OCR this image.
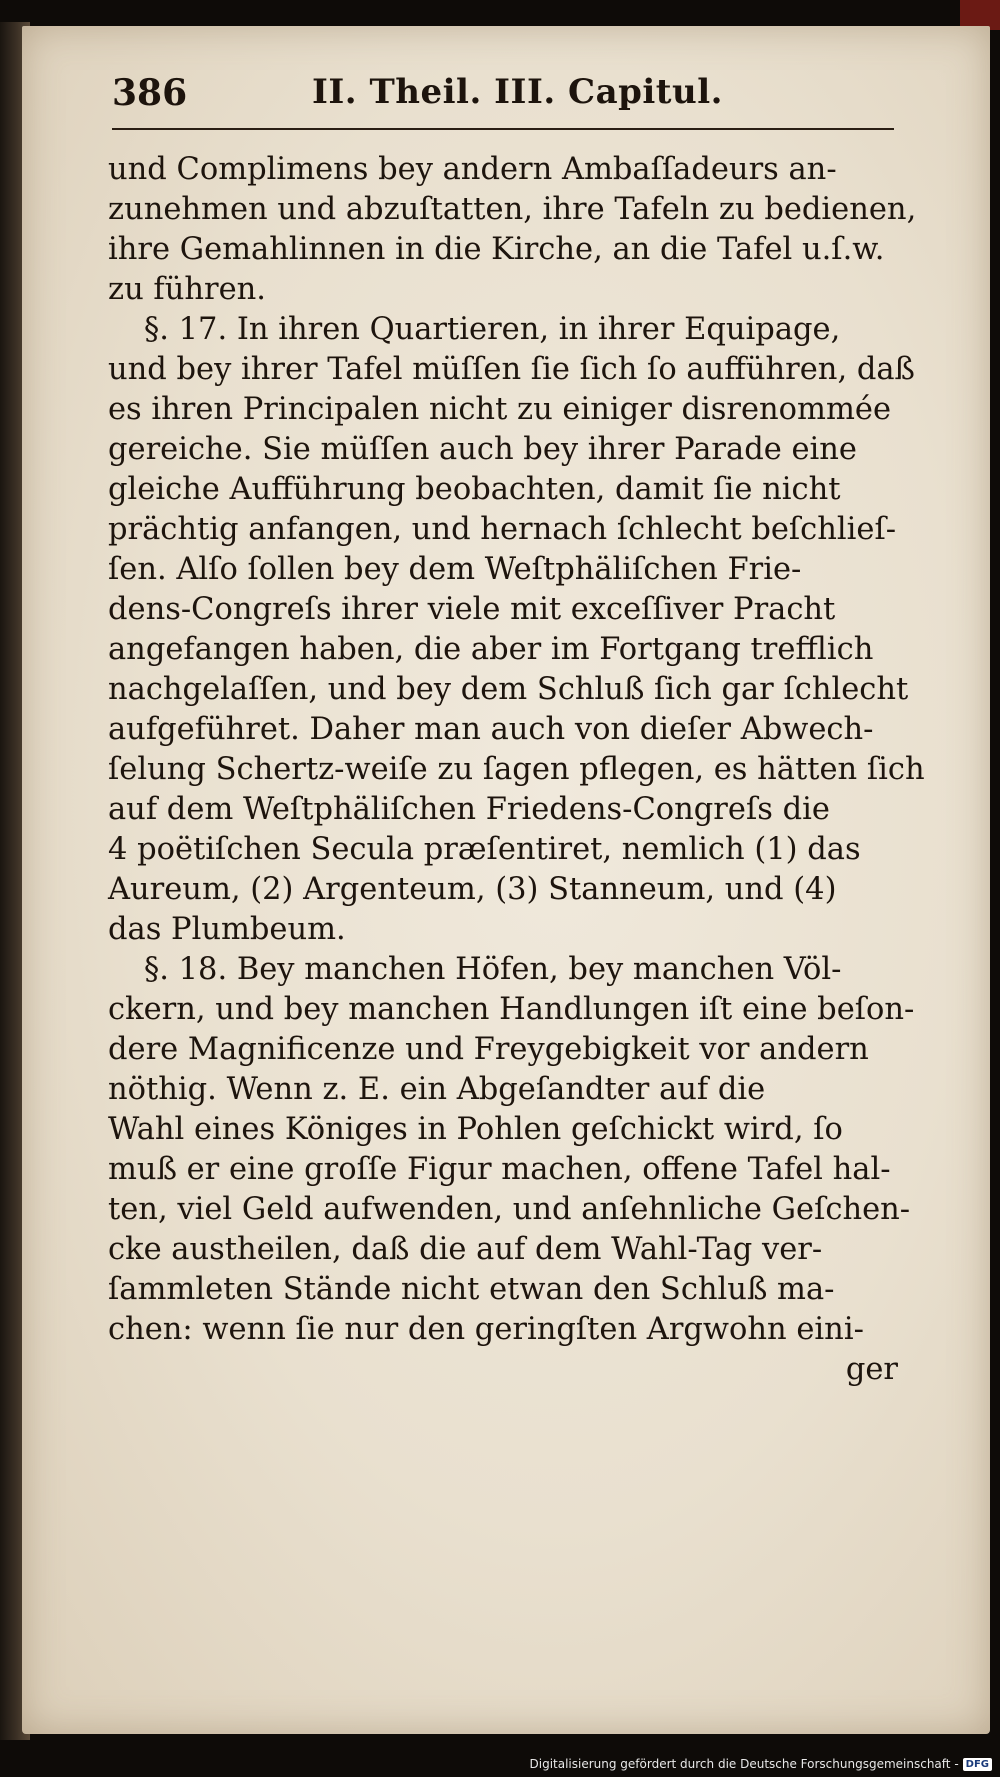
386	II. Theil. III. Capitul.
und Complimens bey andern Ambaſſadeurs an-
zunehmen und abzuſtatten, ihre Tafeln zu bedienen,
ihre Gemahlinnen in die Kirche, an die Tafel u.ſ.w.
zu führen.
§. 17. In ihren Quartieren, in ihrer Equipage,
und bey ihrer Tafel müſſen ſie ſich ſo aufführen, daß
es ihren Principalen nicht zu einiger disrenommée
gereiche. Sie müſſen auch bey ihrer Parade eine
gleiche Aufführung beobachten, damit ſie nicht
prächtig anfangen, und hernach ſchlecht beſchlieſ-
ſen. Alſo ſollen bey dem Weſtphäliſchen Frie-
dens-Congreſs ihrer viele mit exceſſiver Pracht
angefangen haben, die aber im Fortgang trefflich
nachgelaſſen, und bey dem Schluß ſich gar ſchlecht
aufgeführet. Daher man auch von dieſer Abwech-
ſelung Schertz-weiſe zu ſagen pflegen, es hätten ſich
auf dem Weſtphäliſchen Friedens-Congreſs die
4 poëtiſchen Secula præſentiret, nemlich (1) das
Aureum, (2) Argenteum, (3) Stanneum, und (4)
das Plumbeum.
§. 18. Bey manchen Höfen, bey manchen Völ-
ckern, und bey manchen Handlungen iſt eine beſon-
dere Magnificenze und Freygebigkeit vor andern
nöthig. Wenn z. E. ein Abgeſandter auf die
Wahl eines Königes in Pohlen geſchickt wird, ſo
muß er eine groſſe Figur machen, offene Tafel hal-
ten, viel Geld aufwenden, und anſehnliche Geſchen-
cke austheilen, daß die auf dem Wahl-Tag ver-
ſammleten Stände nicht etwan den Schluß ma-
chen: wenn ſie nur den geringſten Argwohn eini-
ger
Digitalisierung gefördert durch die Deutsche Forschungsgemeinschaft - DFG
